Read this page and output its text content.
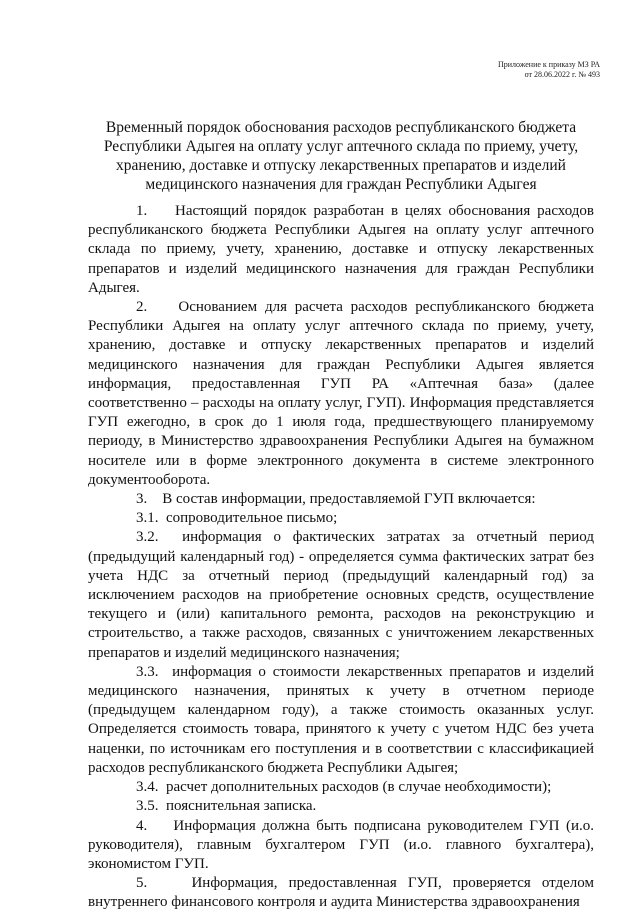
Приложение к приказу МЗ РА
от 28.06.2022 г. № 493
Временный порядок обоснования расходов республиканского бюджета Республики Адыгея на оплату услуг аптечного склада по приему, учету, хранению, доставке и отпуску лекарственных препаратов и изделий медицинского назначения для граждан Республики Адыгея

1.    Настоящий порядок разработан в целях обоснования расходов республиканского бюджета Республики Адыгея на оплату услуг аптечного склада по приему, учету, хранению, доставке и отпуску лекарственных препаратов и изделий медицинского назначения для граждан Республики Адыгея.

2.    Основанием для расчета расходов республиканского бюджета Республики Адыгея на оплату услуг аптечного склада по приему, учету, хранению, доставке и отпуску лекарственных препаратов и изделий медицинского назначения для граждан Республики Адыгея является информация, предоставленная ГУП РА «Аптечная база» (далее соответственно – расходы на оплату услуг, ГУП). Информация представляется ГУП ежегодно, в срок до 1 июля года, предшествующего планируемому периоду, в Министерство здравоохранения Республики Адыгея на бумажном носителе или в форме электронного документа в системе электронного документооборота.

3.    В состав информации, предоставляемой ГУП включается:

3.1.  сопроводительное письмо;

3.2.  информация о фактических затратах за отчетный период (предыдущий календарный год) - определяется сумма фактических затрат без учета НДС за отчетный период (предыдущий календарный год) за исключением расходов на приобретение основных средств, осуществление текущего и (или) капитального ремонта, расходов на реконструкцию и строительство, а также расходов, связанных с уничтожением лекарственных препаратов и изделий медицинского назначения;

3.3.  информация о стоимости лекарственных препаратов и изделий медицинского назначения, принятых к учету в отчетном периоде (предыдущем календарном году), а также стоимость оказанных услуг. Определяется стоимость товара, принятого к учету с учетом НДС без учета наценки, по источникам его поступления и в соответствии с классификацией расходов республиканского бюджета Республики Адыгея;

3.4.  расчет дополнительных расходов (в случае необходимости);

3.5.  пояснительная записка.

4.    Информация должна быть подписана руководителем ГУП (и.о. руководителя), главным бухгалтером ГУП (и.о. главного бухгалтера), экономистом ГУП.

5.    Информация, предоставленная ГУП, проверяется отделом внутреннего финансового контроля и аудита Министерства здравоохранения
